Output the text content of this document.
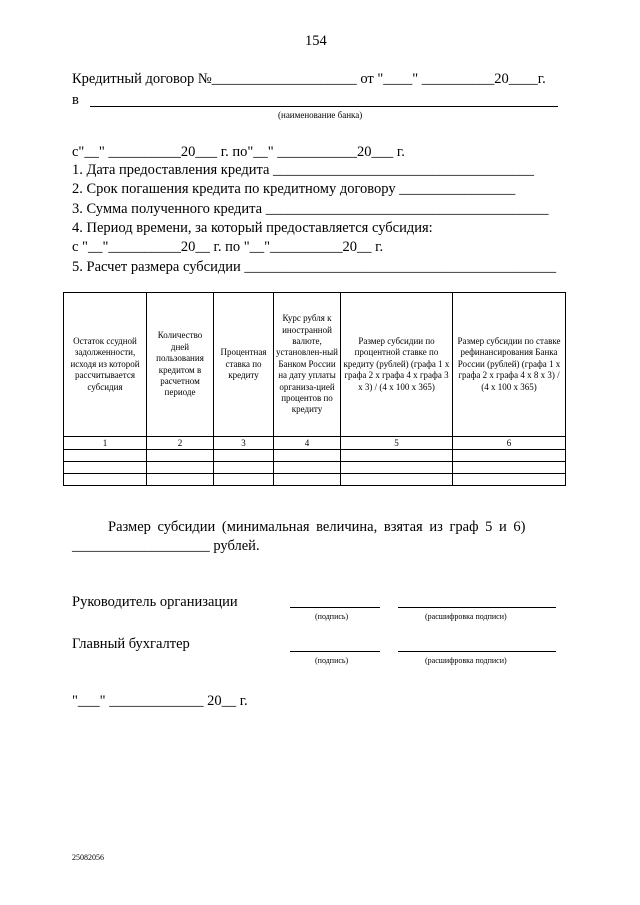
154
Кредитный договор №____________________ от "____" __________20____г.
в
(наименование банка)
с"__" __________20___ г. по"__" ___________20___ г.
1. Дата предоставления кредита ____________________________________
2. Срок погашения кредита по кредитному договору ________________
3. Сумма полученного кредита _______________________________________
4. Период времени, за который предоставляется субсидия:
с "__"__________20__ г. по "__"__________20__ г.
5. Расчет размера субсидии ___________________________________________
Остаток ссудной задолженности, исходя из которой рассчитывается субсидия	Количество дней пользования кредитом в расчетном периоде	Процентная ставка по кредиту	Курс рубля к иностранной валюте, установлен-ный Банком России на дату уплаты организа-цией процентов по кредиту	Размер субсидии по процентной ставке по кредиту (рублей) (графа 1 х графа 2 х графа 4 х графа 3 х 3) / (4 х 100 х 365)	Размер субсидии по ставке рефинансирования Банка России (рублей) (графа 1 х графа 2 х графа 4 х 8 х 3) / (4 х 100 х 365)
1	2	3	4	5	6

Размер субсидии (минимальная величина, взятая из граф 5 и 6)
___________________ рублей.
Руководитель организации
(подпись)	(расшифровка подписи)
Главный бухгалтер
(подпись)	(расшифровка подписи)
"___" _____________ 20__ г.
25082056
